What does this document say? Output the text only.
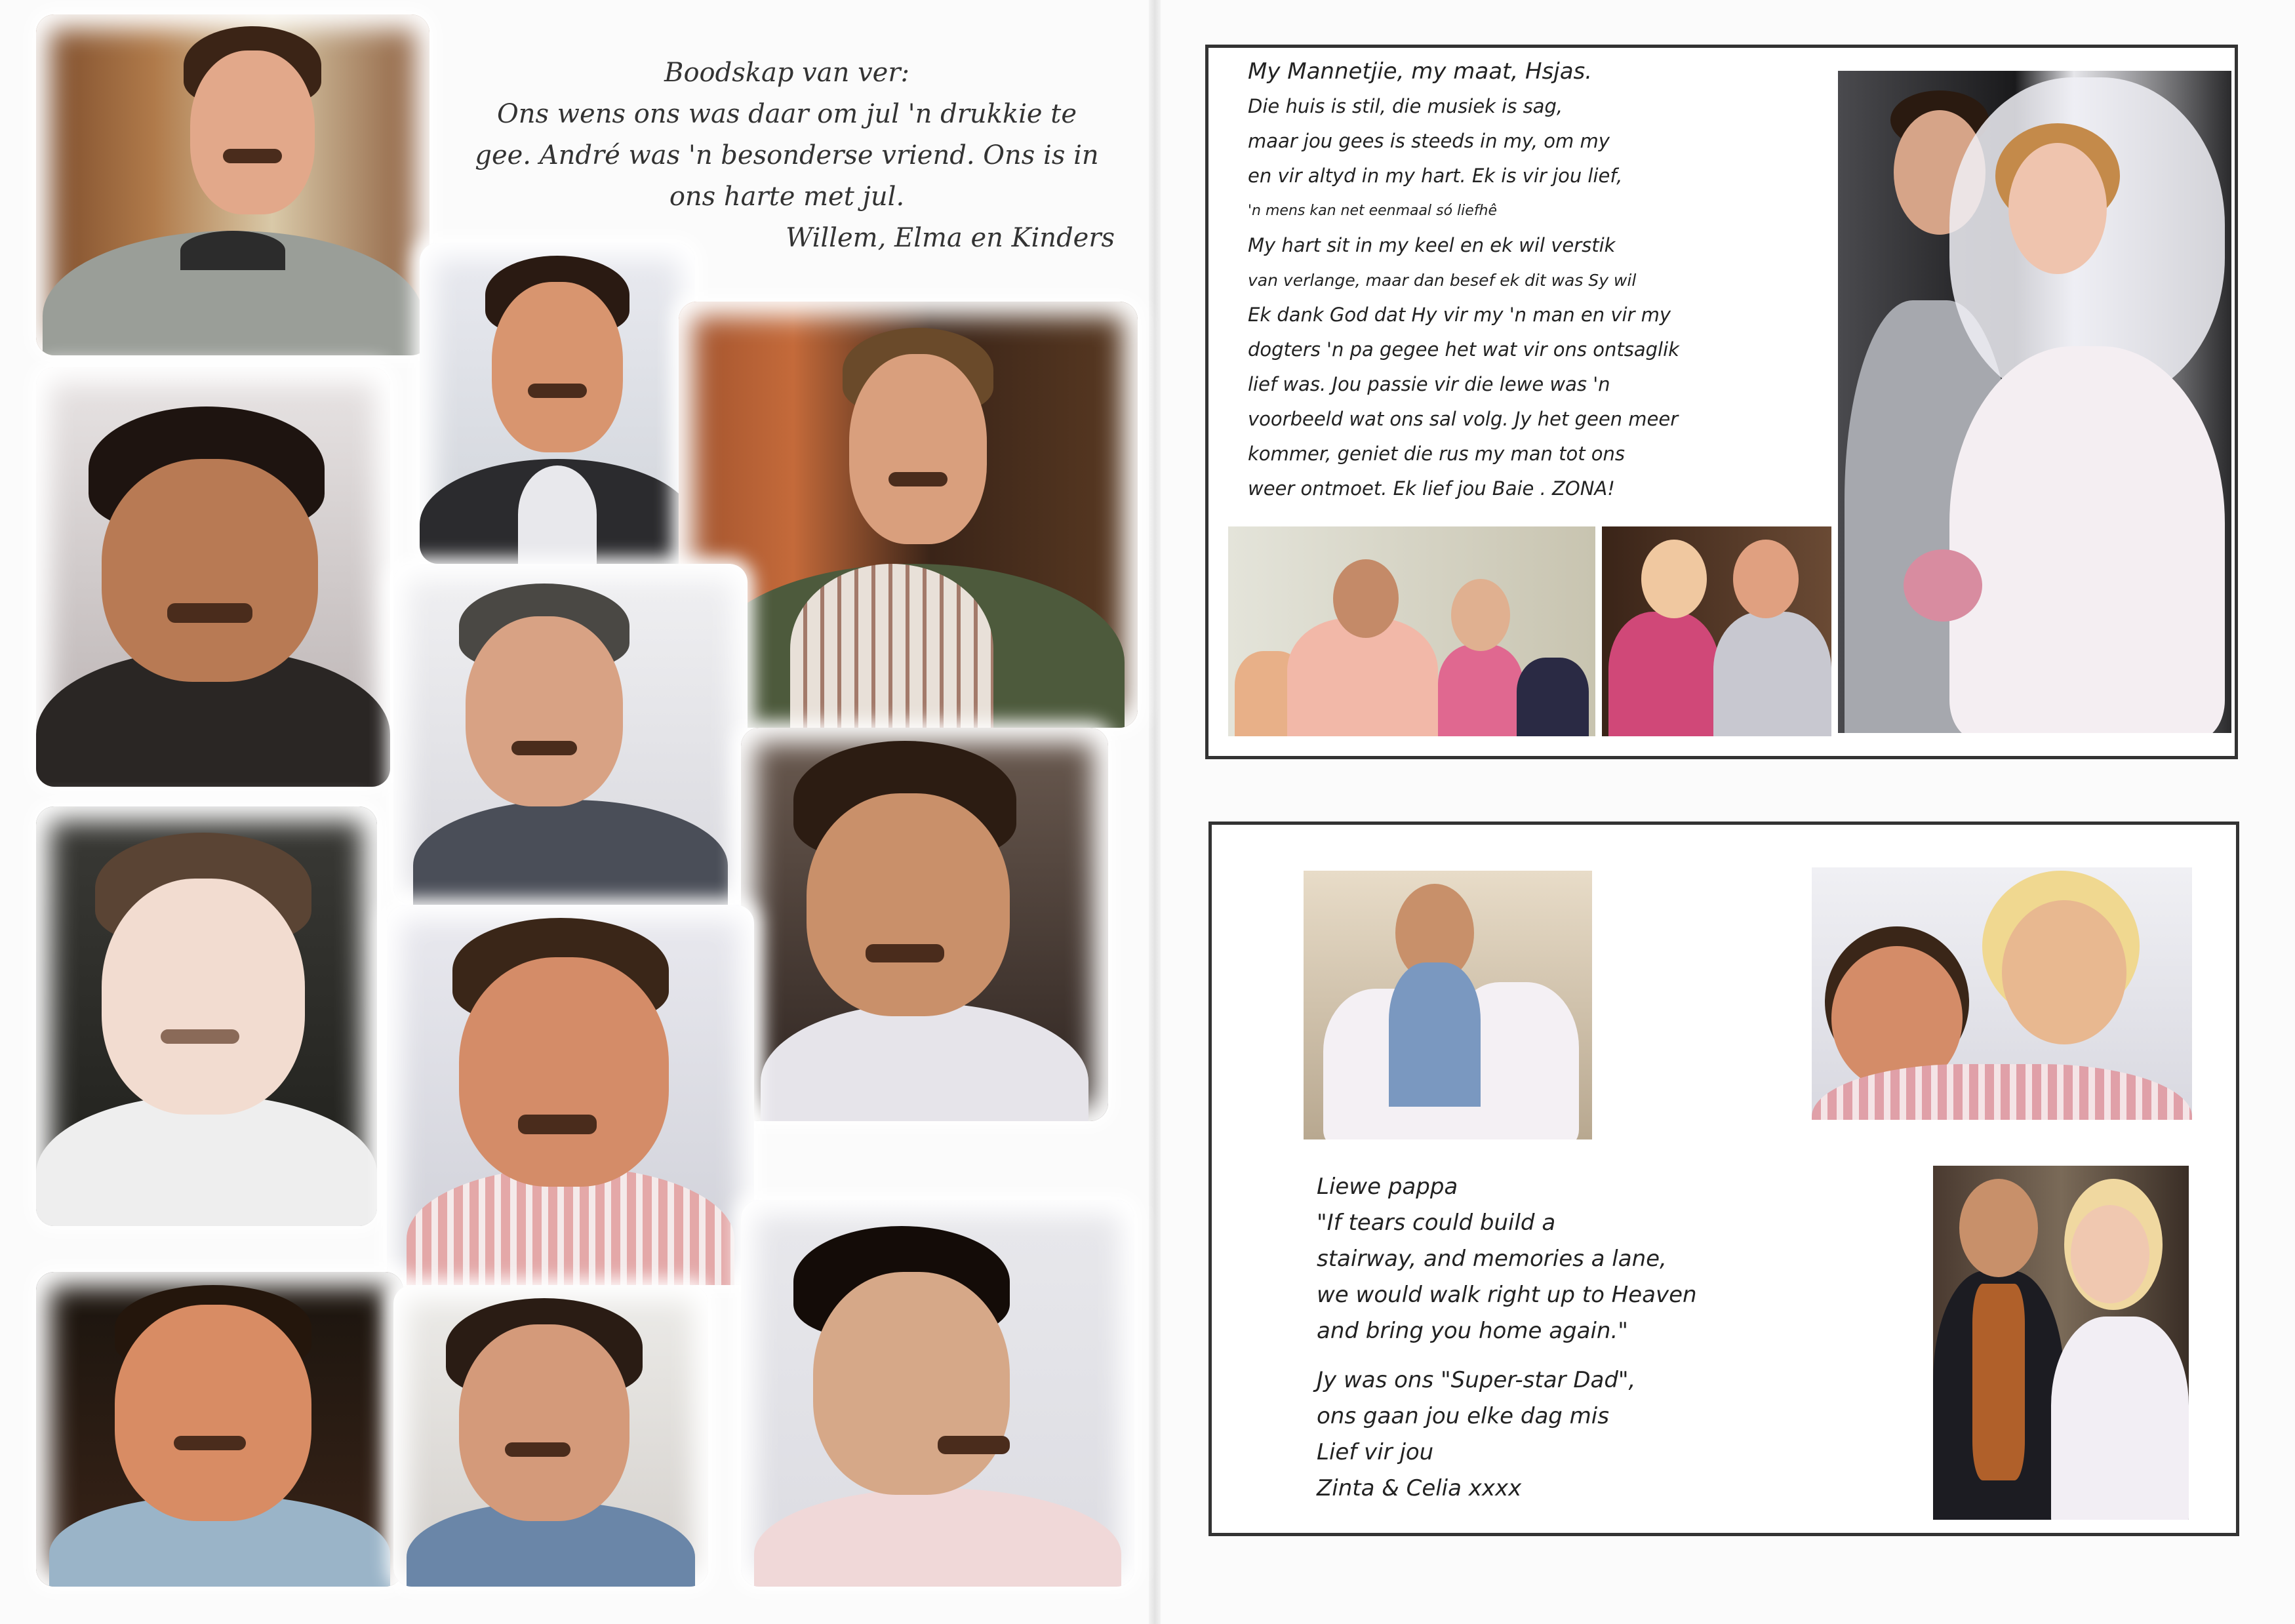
Boodskap van ver:
Ons wens ons was daar om jul 'n drukkie te
gee. André was 'n besonderse vriend. Ons is in
ons harte met jul.
Willem, Elma en Kinders
My Mannetjie, my maat, Hsjas.
Die huis is stil, die musiek is sag,
maar jou gees is steeds in my, om my
en vir altyd in my hart. Ek is vir jou lief,
'n mens kan net eenmaal só liefhê
My hart sit in my keel en ek wil verstik
van verlange, maar dan besef ek dit was Sy wil
Ek dank God dat Hy vir my 'n man en vir my
dogters 'n pa gegee het wat vir ons ontsaglik
lief was. Jou passie vir die lewe was 'n
voorbeeld wat ons sal volg. Jy het geen meer
kommer, geniet die rus my man tot ons
weer ontmoet. Ek lief jou Baie . ZONA!
Liewe pappa
"If tears could build a
stairway, and memories a lane,
we would walk right up to Heaven
and bring you home again."
Jy was ons "Super-star Dad",
ons gaan jou elke dag mis
Lief vir jou
Zinta & Celia xxxx
